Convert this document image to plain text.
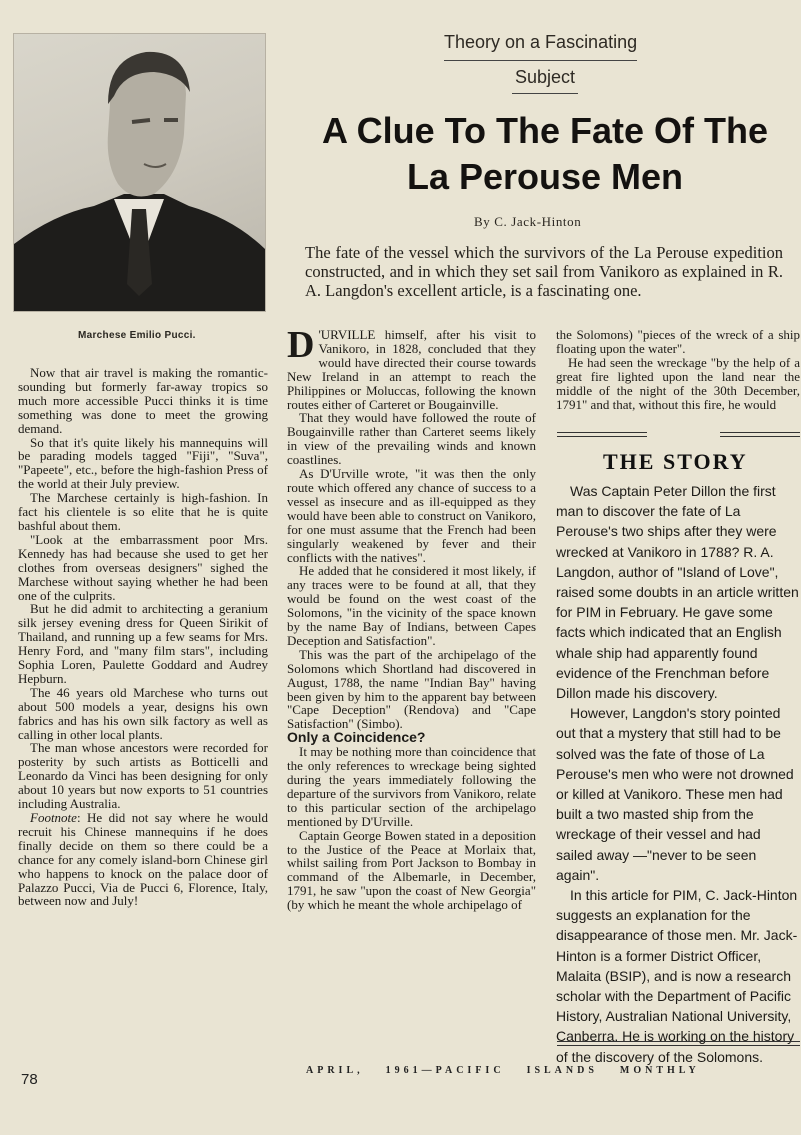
Marchese Emilio Pucci.
Theory on a Fascinating
Subject
A Clue To The Fate Of The La Perouse Men
By C. Jack-Hinton
The fate of the vessel which the survivors of the La Perouse expedition constructed, and in which they set sail from Vanikoro as explained in R. A. Langdon's excellent article, is a fascinating one.

Now that air travel is making the romantic-sounding but formerly far-away tropics so much more accessible Pucci thinks it is time something was done to meet the growing demand.

So that it's quite likely his mannequins will be parading models tagged "Fiji", "Suva", "Papeete", etc., before the high-fashion Press of the world at their July preview.

The Marchese certainly is high-fashion. In fact his clientele is so elite that he is quite bashful about them.

"Look at the embarrassment poor Mrs. Kennedy has had because she used to get her clothes from overseas designers" sighed the Marchese without saying whether he had been one of the culprits.

But he did admit to architecting a geranium silk jersey evening dress for Queen Sirikit of Thailand, and running up a few seams for Mrs. Henry Ford, and "many film stars", including Sophia Loren, Paulette Goddard and Audrey Hepburn.

The 46 years old Marchese who turns out about 500 models a year, designs his own fabrics and has his own silk factory as well as calling in other local plants.

The man whose ancestors were recorded for posterity by such artists as Botticelli and Leonardo da Vinci has been designing for only about 10 years but now exports to 51 countries including Australia.

Footnote: He did not say where he would recruit his Chinese mannequins if he does finally decide on them so there could be a chance for any comely island-born Chinese girl who happens to knock on the palace door of Palazzo Pucci, Via de Pucci 6, Florence, Italy, between now and July!

D 'URVILLE himself, after his visit to Vanikoro, in 1828, concluded that they would have directed their course towards New Ireland in an attempt to reach the Philippines or Moluccas, following the known routes either of Carteret or Bougainville.

That they would have followed the route of Bougainville rather than Carteret seems likely in view of the prevailing winds and known coastlines.

As D'Urville wrote, "it was then the only route which offered any chance of success to a vessel as insecure and as ill-equipped as they would have been able to construct on Vanikoro, for one must assume that the French had been singularly weakened by fever and their conflicts with the natives".

He added that he considered it most likely, if any traces were to be found at all, that they would be found on the west coast of the Solomons, "in the vicinity of the space known by the name Bay of Indians, between Capes Deception and Satisfaction".

This was the part of the archipelago of the Solomons which Shortland had discovered in August, 1788, the name "Indian Bay" having been given by him to the apparent bay between "Cape Deception" (Rendova) and "Cape Satisfaction" (Simbo).

Only a Coincidence?

It may be nothing more than coincidence that the only references to wreckage being sighted during the years immediately following the departure of the survivors from Vanikoro, relate to this particular section of the archipelago mentioned by D'Urville.

Captain George Bowen stated in a deposition to the Justice of the Peace at Morlaix that, whilst sailing from Port Jackson to Bombay in command of the Albemarle, in December, 1791, he saw "upon the coast of New Georgia" (by which he meant the whole archipelago of

the Solomons) "pieces of the wreck of a ship floating upon the water".

He had seen the wreckage "by the help of a great fire lighted upon the land near the middle of the night of the 30th December, 1791" and that, without this fire, he would

THE STORY

Was Captain Peter Dillon the first man to discover the fate of La Perouse's two ships after they were wrecked at Vanikoro in 1788? R. A. Langdon, author of "Island of Love", raised some doubts in an article written for PIM in February. He gave some facts which indicated that an English whale ship had apparently found evidence of the Frenchman before Dillon made his discovery.

However, Langdon's story pointed out that a mystery that still had to be solved was the fate of those of La Perouse's men who were not drowned or killed at Vanikoro. These men had built a two masted ship from the wreckage of their vessel and had sailed away —"never to be seen again".

In this article for PIM, C. Jack-Hinton suggests an explanation for the disappearance of those men. Mr. Jack-Hinton is a former District Officer, Malaita (BSIP), and is now a research scholar with the Department of Pacific History, Australian National University, Canberra. He is working on the history of the discovery of the Solomons.

78
APRIL, 1961—PACIFIC ISLANDS MONTHLY
